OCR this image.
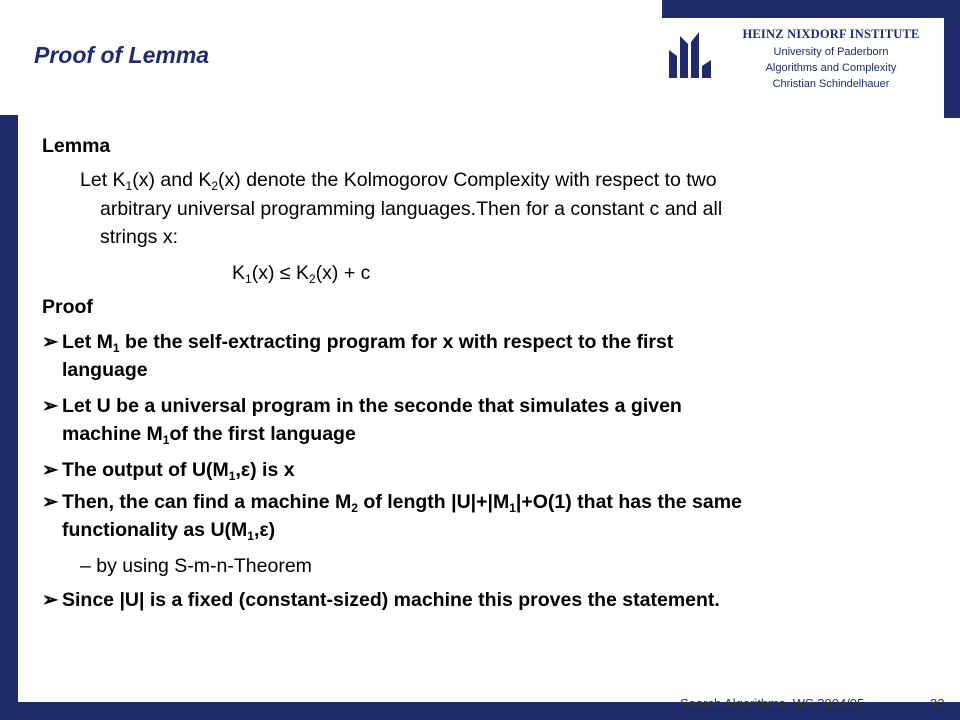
Proof of Lemma
HEINZ NIXDORF INSTITUTE
University of Paderborn
Algorithms and Complexity
Christian Schindelhauer
Lemma
Let $K_1(x)$ and $K_2(x)$ denote the Kolmogorov Complexity with respect to two
arbitrary universal programming languages.Then for a constant c and all
strings x:
$K_1(x) \le K_2(x) + c$
Proof
➢ Let $M_1$ be the self-extracting program for x with respect to the first
language
➢ Let U be a universal program in the seconde that simulates a given
machine $M_1of$ the first language
➢ The output of $U(M_1,\varepsilon)$ is x
➢ Then, the can find a machine $M_2$ of length $|U|+|M_1|+O(1)$ that has the same
functionality as $U(M_1,\varepsilon)$
– by using S-m-n-Theorem
➢ Since |U| is a fixed (constant-sized) machine this proves the statement.
Search Algorithms, WS 2004/05	32
